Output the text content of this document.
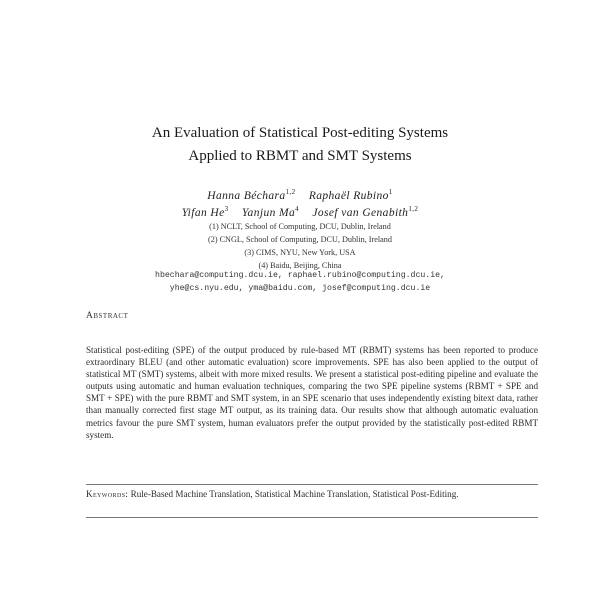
An Evaluation of Statistical Post-editing Systems
Applied to RBMT and SMT Systems
Hanna Béchara$^{1,2}$ Raphaël Rubino$^1$
Yifan He$^3$ Yanjun Ma$^4$ Josef van Genabith$^{1,2}$
(1) NCLT, School of Computing, DCU, Dublin, Ireland
(2) CNGL, School of Computing, DCU, Dublin, Ireland
(3) CIMS, NYU, New York, USA
(4) Baidu, Beijing, China
hbechara@computing.dcu.ie, raphael.rubino@computing.dcu.ie,
yhe@cs.nyu.edu, yma@baidu.com, josef@computing.dcu.ie
Abstract

Statistical post-editing (SPE) of the output produced by rule-based MT (RBMT) systems has been reported to produce extraordinary BLEU (and other automatic evaluation) score improvements. SPE has also been applied to the output of statistical MT (SMT) systems, albeit with more mixed results. We present a statistical post-editing pipeline and evaluate the outputs using automatic and human evaluation techniques, comparing the two SPE pipeline systems (RBMT + SPE and SMT + SPE) with the pure RBMT and SMT system, in an SPE scenario that uses independently existing bitext data, rather than manually corrected first stage MT output, as its training data. Our results show that although automatic evaluation metrics favour the pure SMT system, human evaluators prefer the output provided by the statistically post-edited RBMT system.

Keywords: Rule-Based Machine Translation, Statistical Machine Translation, Statistical Post-Editing.
